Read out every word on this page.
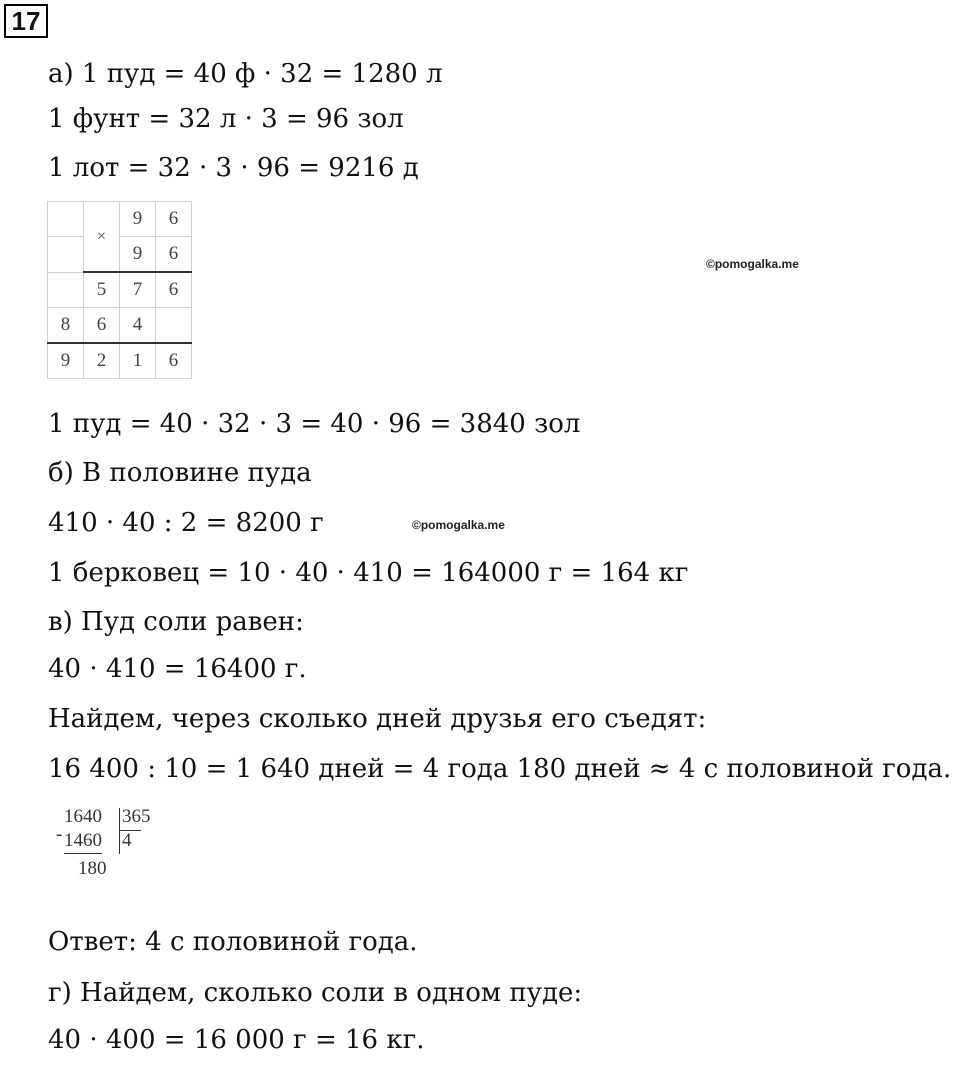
17
а) 1 пуд = 40 ф · 32 = 1280 л
1 фунт = 32 л · 3 = 96 зол
1 лот = 32 · 3 · 96 = 9216 д
	×	9	6
		9	6
	5	7	6
8	6	4	
9	2	1	6
©pomogalka.me
1 пуд = 40 · 32 · 3 = 40 · 96 = 3840 зол
б) В половине пуда
410 · 40 : 2 = 8200 г	©pomogalka.me
1 берковец = 10 · 40 · 410 = 164000 г = 164 кг
в) Пуд соли равен:
40 · 410 = 16400 г.
Найдем, через сколько дней друзья его съедят:
16 400 : 10 = 1 640 дней = 4 года 180 дней ≈ 4 с половиной года.
-
1640 365
1460 4
180
Ответ: 4 с половиной года.
г) Найдем, сколько соли в одном пуде:
40 · 400 = 16 000 г = 16 кг.
